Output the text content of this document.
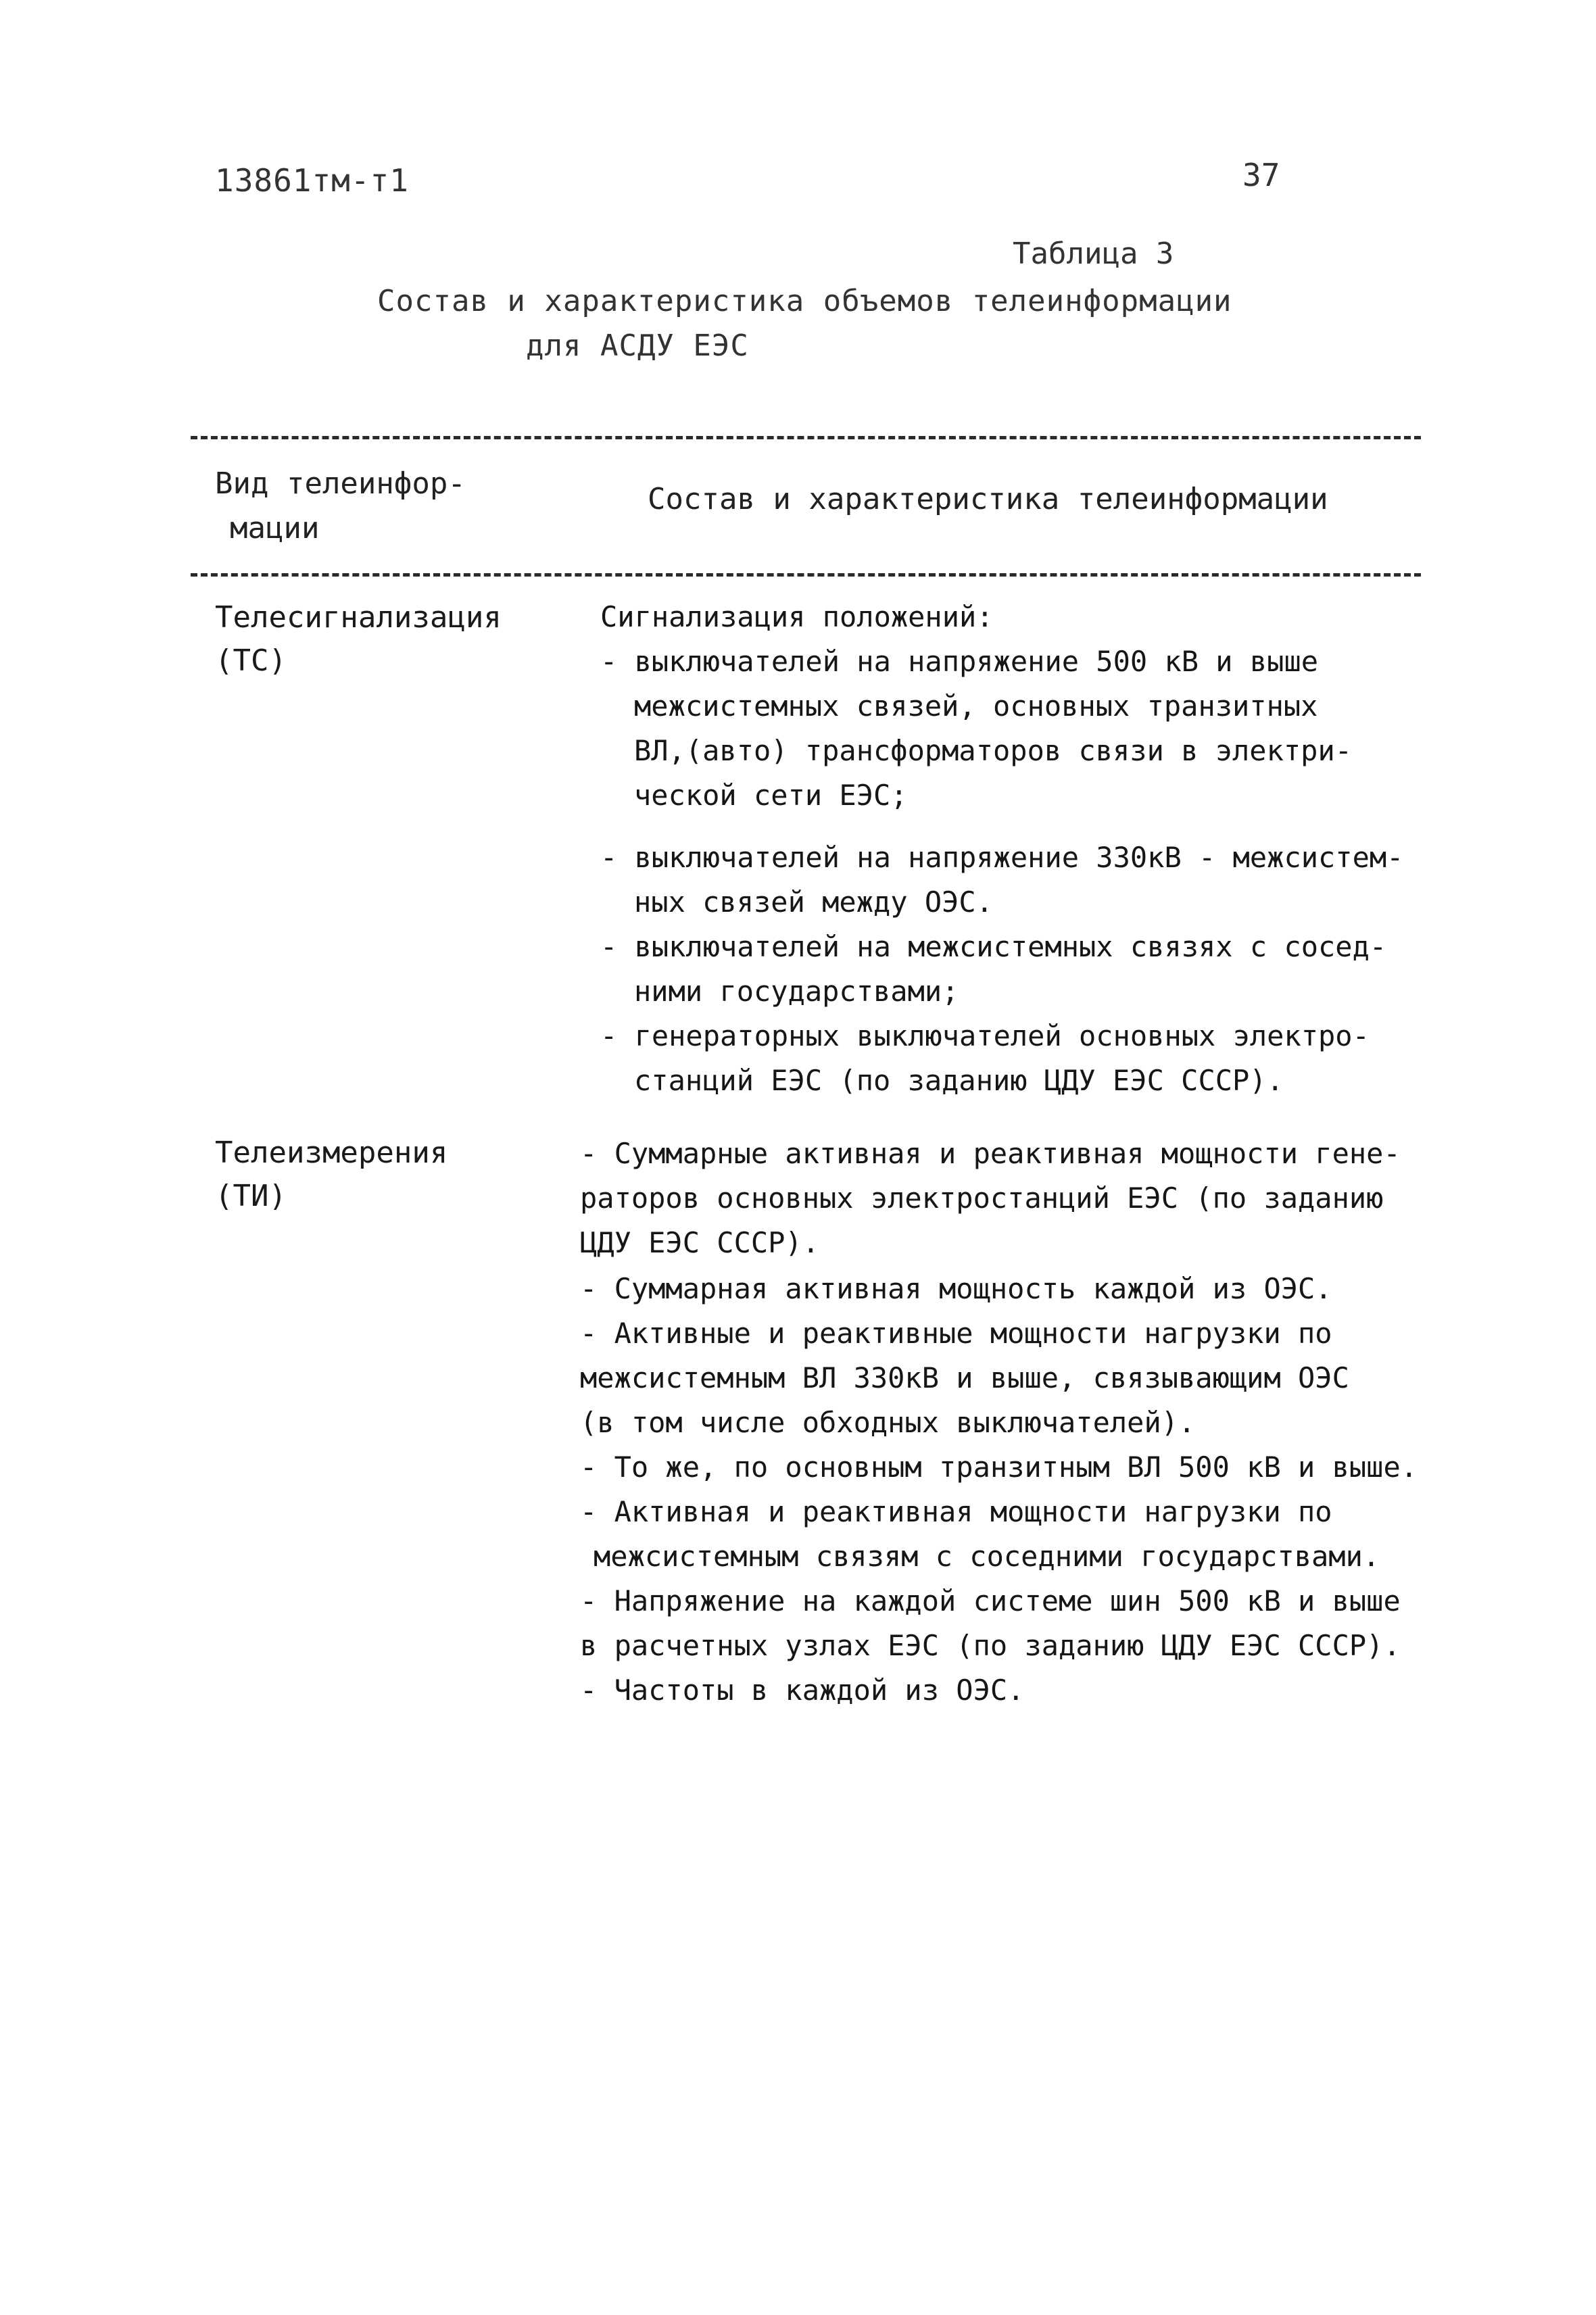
13861тм-т1	37
Таблица 3
Состав и характеристика объемов телеинформации
для АСДУ ЕЭС
Вид телеинфор-
мации
Состав и характеристика телеинформации
Телесигнализация
(ТС)
Сигнализация положений:
- выключателей на напряжение 500 кВ и выше
межсистемных связей, основных транзитных
ВЛ,(авто) трансформаторов связи в электри-
ческой сети ЕЭС;
- выключателей на напряжение 330кВ - межсистем-
ных связей между ОЭС.
- выключателей на межсистемных связях с сосед-
ними государствами;
- генераторных выключателей основных электро-
станций ЕЭС (по заданию ЦДУ ЕЭС СССР).
Телеизмерения
(ТИ)
- Суммарные активная и реактивная мощности гене-
раторов основных электростанций ЕЭС (по заданию
ЦДУ ЕЭС СССР).
- Суммарная активная мощность каждой из ОЭС.
- Активные и реактивные мощности нагрузки по
межсистемным ВЛ 330кВ и выше, связывающим ОЭС
(в том числе обходных выключателей).
- То же, по основным транзитным ВЛ 500 кВ и выше.
- Активная и реактивная мощности нагрузки по
межсистемным связям с соседними государствами.
- Напряжение на каждой системе шин 500 кВ и выше
в расчетных узлах ЕЭС (по заданию ЦДУ ЕЭС СССР).
- Частоты в каждой из ОЭС.
